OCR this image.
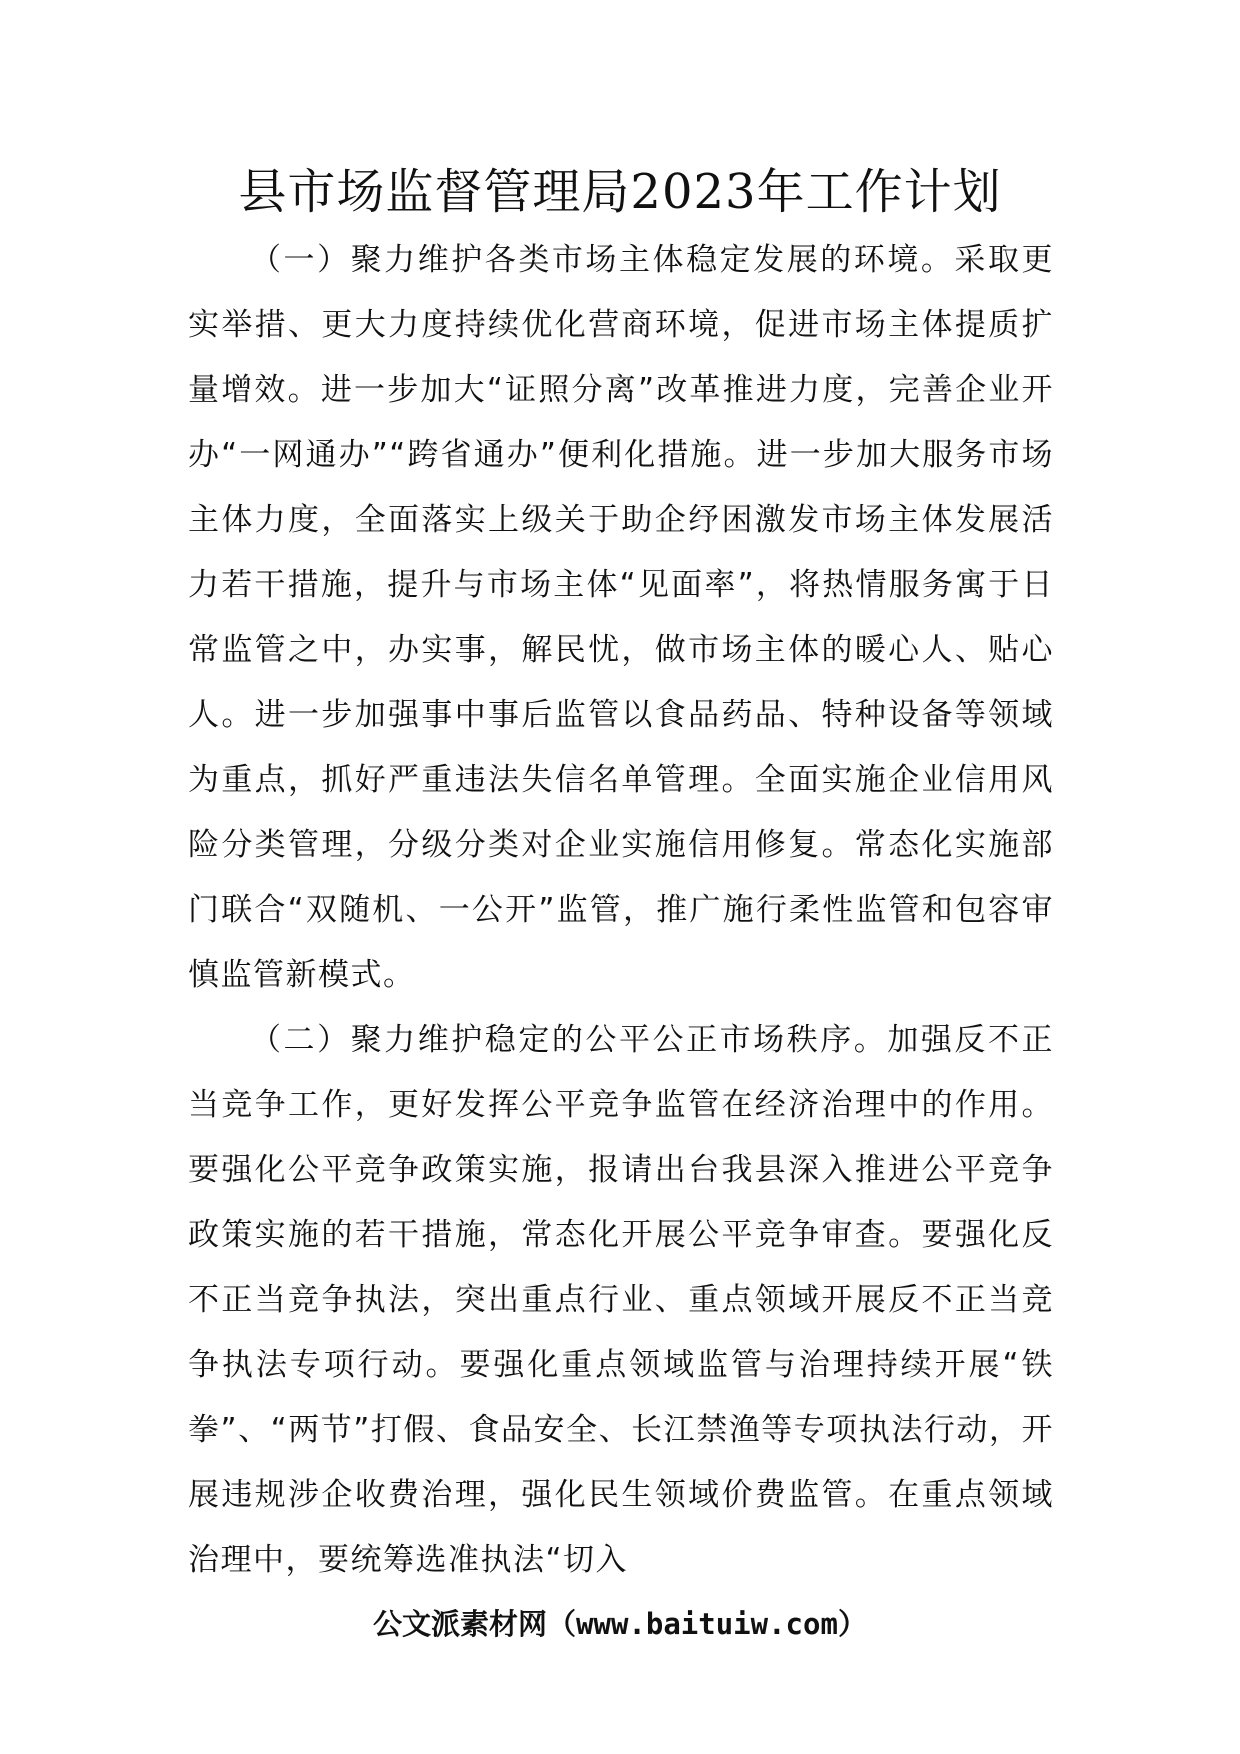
县市场监督管理局2023年工作计划

（一）聚力维护各类市场主体稳定发展的环境。采取更实举措、更大力度持续优化营商环境，促进市场主体提质扩量增效。进一步加大“证照分离”改革推进力度，完善企业开办“一网通办”“跨省通办”便利化措施。进一步加大服务市场主体力度，全面落实上级关于助企纾困激发市场主体发展活力若干措施，提升与市场主体“见面率”，将热情服务寓于日常监管之中，办实事，解民忧，做市场主体的暖心人、贴心人。进一步加强事中事后监管以食品药品、特种设备等领域为重点，抓好严重违法失信名单管理。全面实施企业信用风险分类管理，分级分类对企业实施信用修复。常态化实施部门联合“双随机、一公开”监管，推广施行柔性监管和包容审慎监管新模式。

（二）聚力维护稳定的公平公正市场秩序。加强反不正当竞争工作，更好发挥公平竞争监管在经济治理中的作用。要强化公平竞争政策实施，报请出台我县深入推进公平竞争政策实施的若干措施，常态化开展公平竞争审查。要强化反不正当竞争执法，突出重点行业、重点领域开展反不正当竞争执法专项行动。要强化重点领域监管与治理持续开展“铁拳”、“两节”打假、食品安全、长江禁渔等专项执法行动，开展违规涉企收费治理，强化民生领域价费监管。在重点领域治理中，要统筹选准执法“切入

公文派素材网（www.baituiw.com）
